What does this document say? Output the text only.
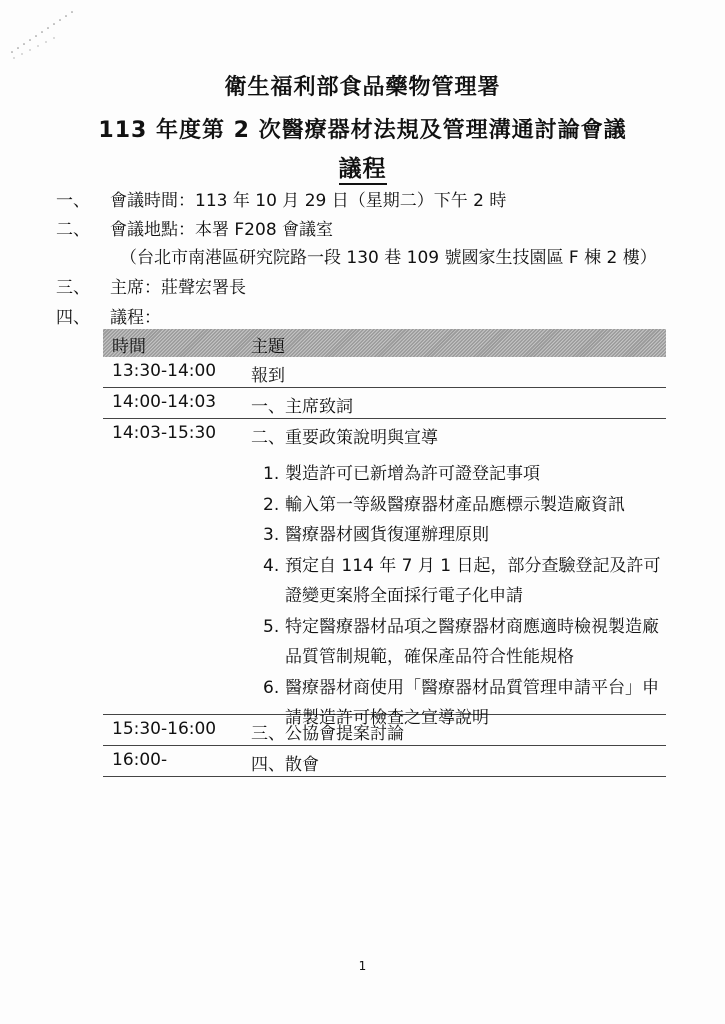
衛生福利部食品藥物管理署
113 年度第 2 次醫療器材法規及管理溝通討論會議
議程
一、 會議時間：113 年 10 月 29 日（星期二）下午 2 時
二、 會議地點：本署 F208 會議室
（台北市南港區研究院路一段 130 巷 109 號國家生技園區 F 棟 2 樓）
三、 主席：莊聲宏署長
四、 議程：
時間	主題
13:30-14:00 報到
14:00-14:03 一、主席致詞
14:03-15:30 二、重要政策說明與宣導
1. 製造許可已新增為許可證登記事項
2. 輸入第一等級醫療器材產品應標示製造廠資訊
3. 醫療器材國貨復運辦理原則
4. 預定自 114 年 7 月 1 日起，部分查驗登記及許可證變更案將全面採行電子化申請
5. 特定醫療器材品項之醫療器材商應適時檢視製造廠品質管制規範，確保產品符合性能規格
6. 醫療器材商使用「醫療器材品質管理申請平台」申請製造許可檢查之宣導說明
15:30-16:00 三、公協會提案討論
16:00-	四、散會
1
